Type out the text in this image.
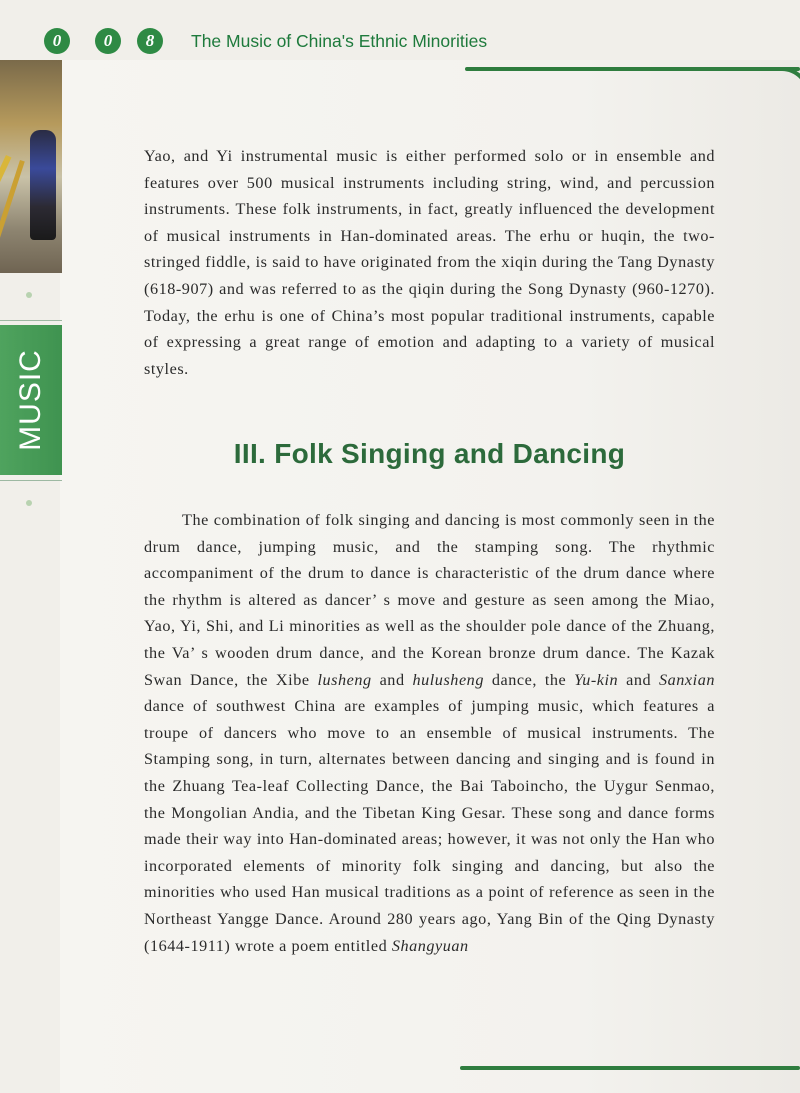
0	0	8	The Music of China's Ethnic Minorities
MUSIC

Yao, and Yi instrumental music is either performed solo or in ensemble and features over 500 musical instruments including string, wind, and percussion instruments. These folk instruments, in fact, greatly influenced the development of musical instruments in Han-dominated areas. The erhu or huqin, the two-stringed fiddle, is said to have originated from the xiqin during the Tang Dynasty (618-907) and was referred to as the qiqin during the Song Dynasty (960-1270). Today, the erhu is one of China’s most popular traditional instruments, capable of expressing a great range of emotion and adapting to a variety of musical styles.

III. Folk Singing and Dancing

The combination of folk singing and dancing is most commonly seen in the drum dance, jumping music, and the stamping song. The rhythmic accompaniment of the drum to dance is characteristic of the drum dance where the rhythm is altered as dancer’ s move and gesture as seen among the Miao, Yao, Yi, Shi, and Li minorities as well as the shoulder pole dance of the Zhuang, the Va’ s wooden drum dance, and the Korean bronze drum dance. The Kazak Swan Dance, the Xibe lusheng and hulusheng dance, the Yu-kin and Sanxian dance of southwest China are examples of jumping music, which features a troupe of dancers who move to an ensemble of musical instruments. The Stamping song, in turn, alternates between dancing and singing and is found in the Zhuang Tea-leaf Collecting Dance, the Bai Taboincho, the Uygur Senmao, the Mongolian Andia, and the Tibetan King Gesar. These song and dance forms made their way into Han-dominated areas; however, it was not only the Han who incorporated elements of minority folk singing and dancing, but also the minorities who used Han musical traditions as a point of reference as seen in the Northeast Yangge Dance. Around 280 years ago, Yang Bin of the Qing Dynasty (1644-1911) wrote a poem entitled Shangyuan
